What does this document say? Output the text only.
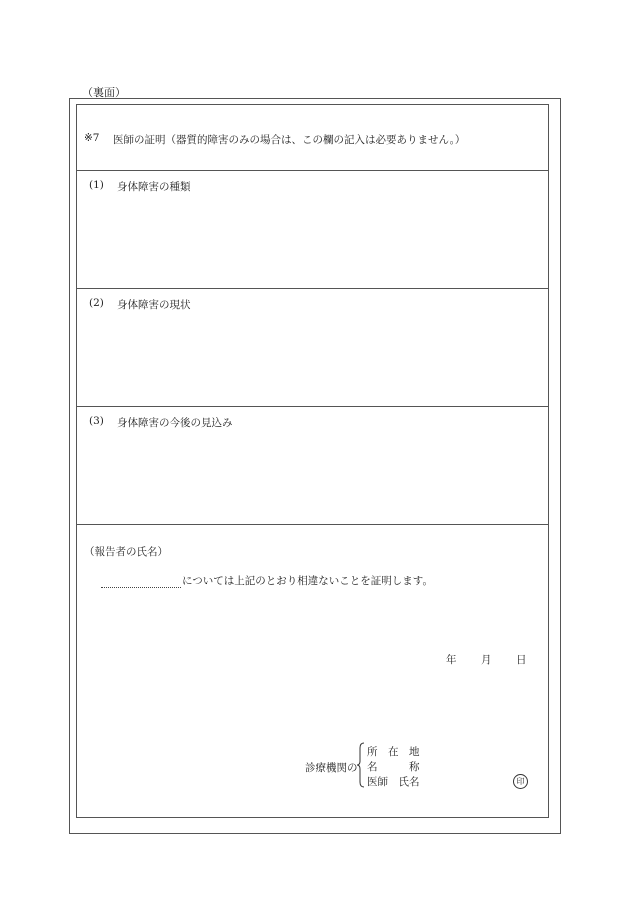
（裏面）
※7 医師の証明（器質的障害のみの場合は、この欄の記入は必要ありません。）
(1) 身体障害の種類
(2) 身体障害の現状
(3) 身体障害の今後の見込み
（報告者の氏名）
については上記のとおり相違ないことを証明します。
年 月 日
診療機関の
所　在　地
名　　　称
医師　氏名	印
